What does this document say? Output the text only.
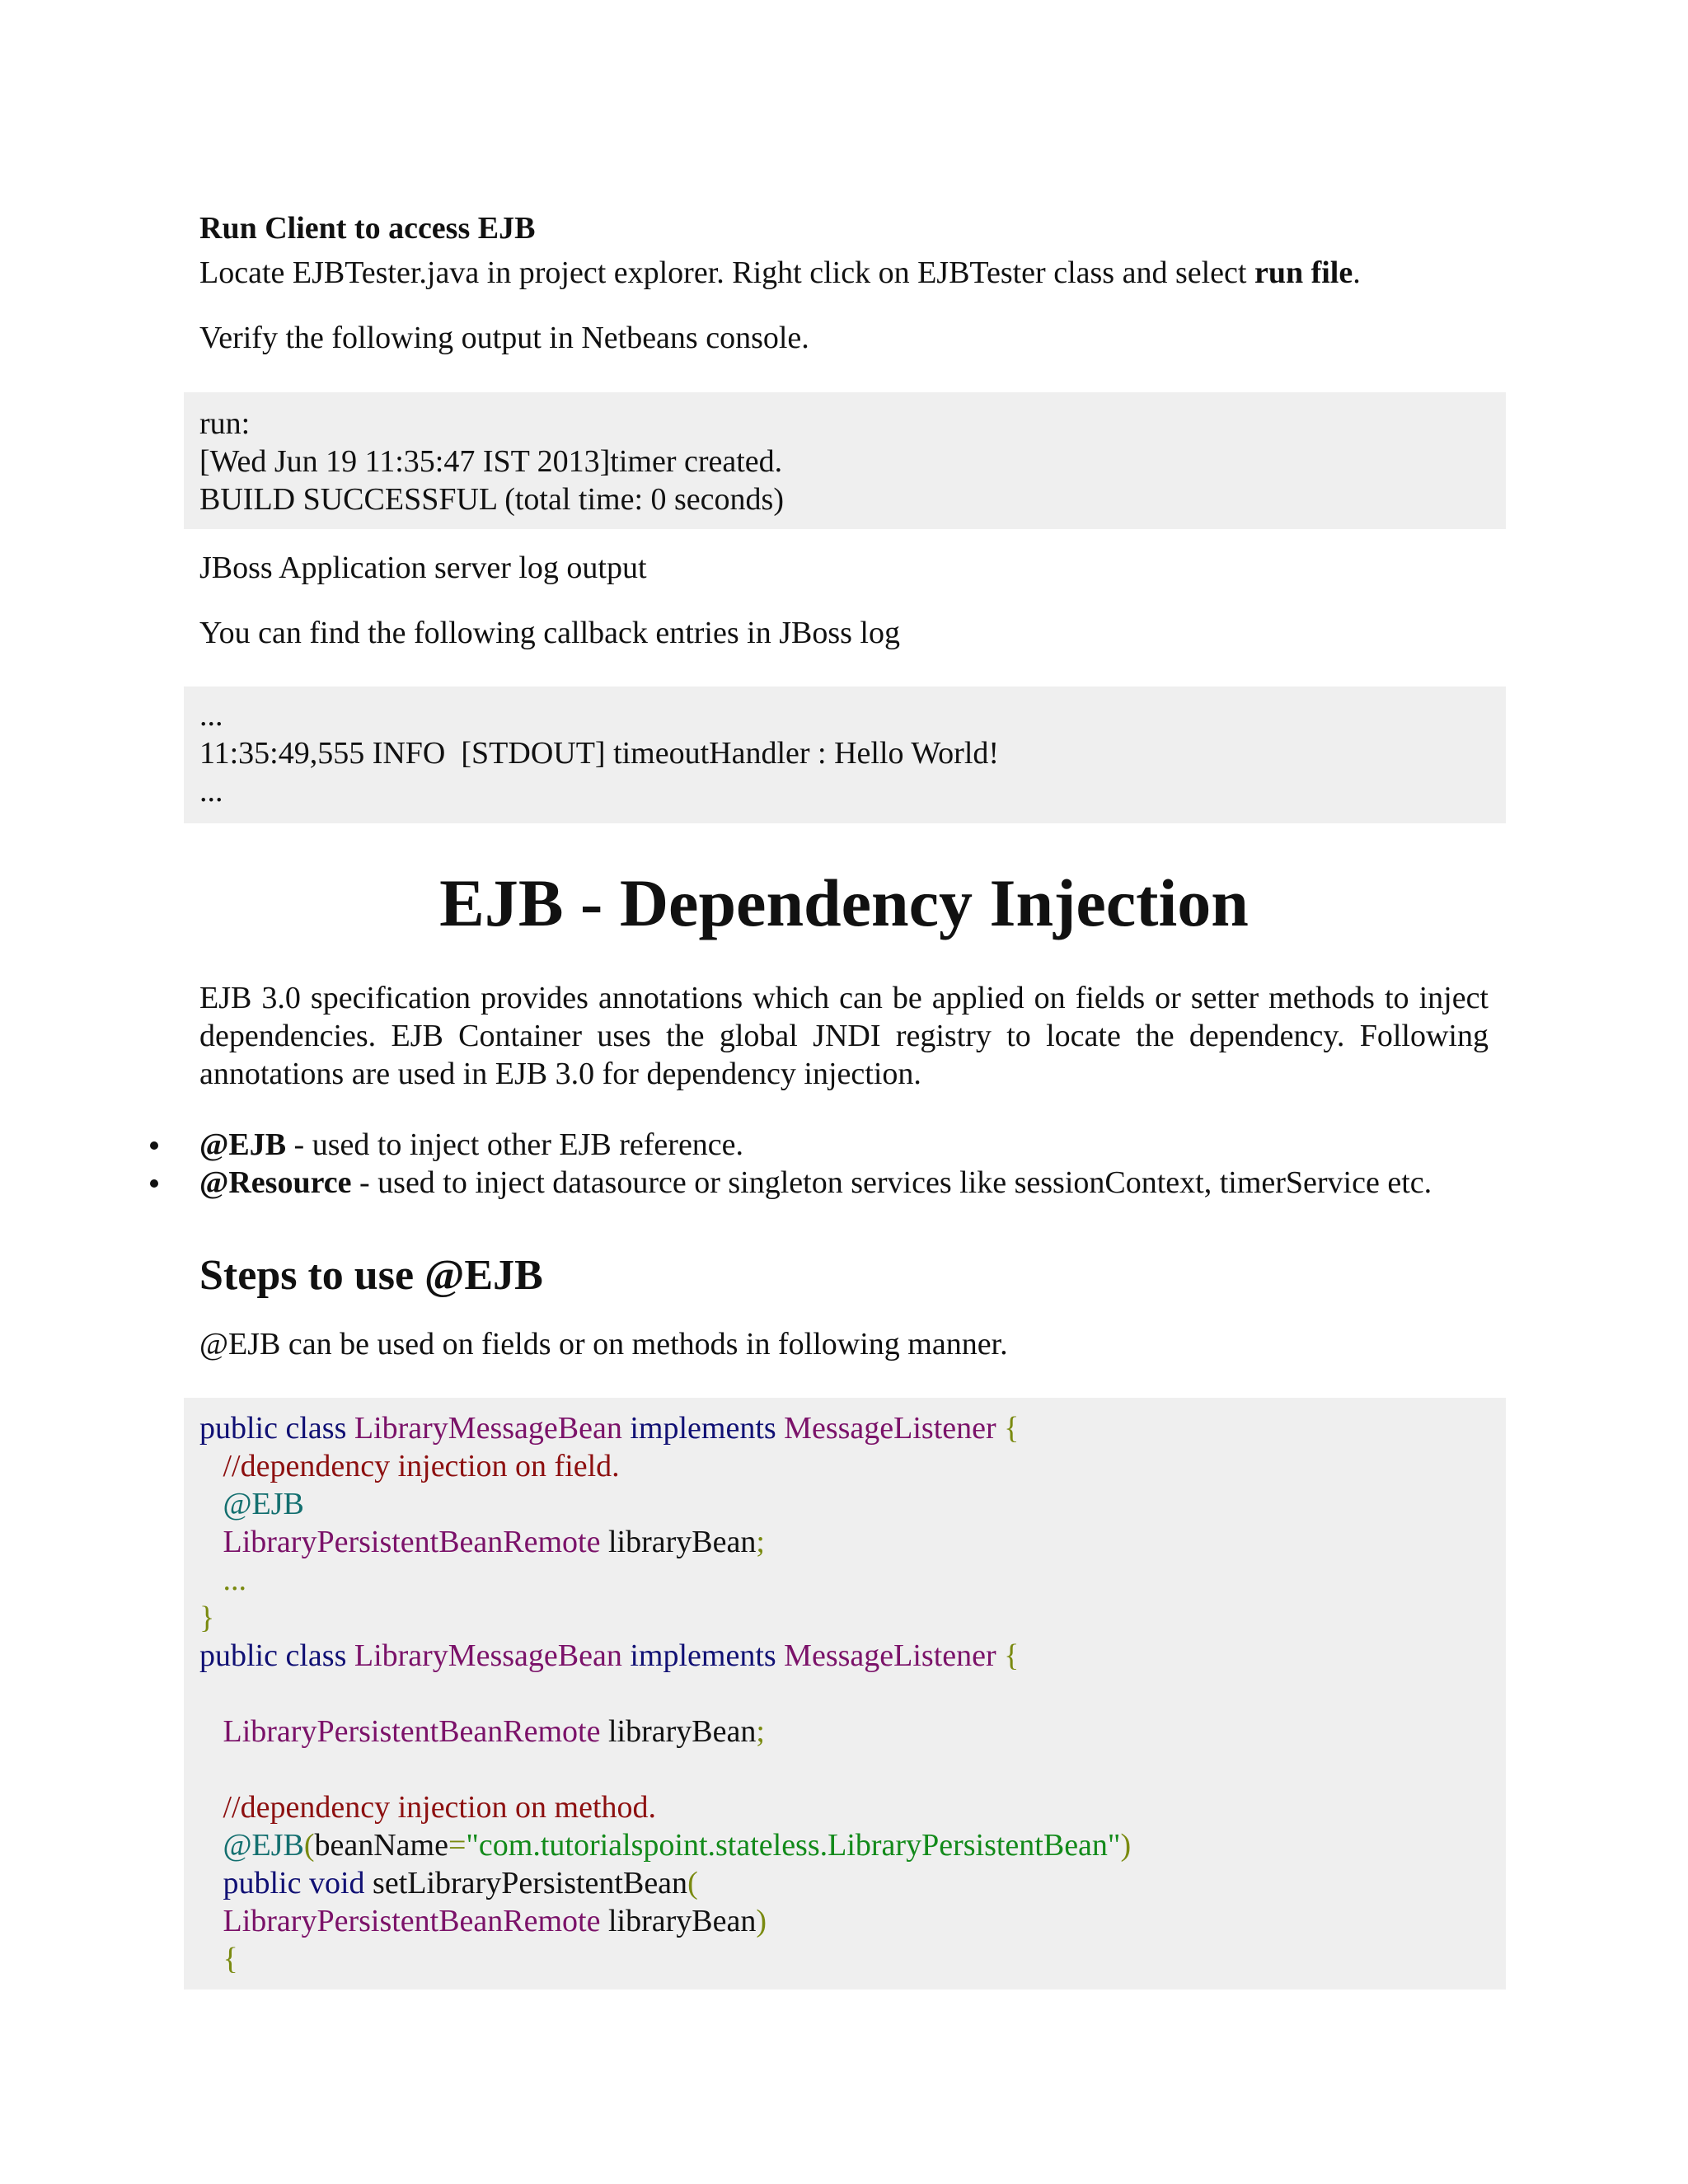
Run Client to access EJB
Locate EJBTester.java in project explorer. Right click on EJBTester class and select run file.
Verify the following output in Netbeans console.
run:
[Wed Jun 19 11:35:47 IST 2013]timer created.
BUILD SUCCESSFUL (total time: 0 seconds)
JBoss Application server log output
You can find the following callback entries in JBoss log
...
11:35:49,555 INFO  [STDOUT] timeoutHandler : Hello World!
...
EJB - Dependency Injection
EJB 3.0 specification provides annotations which can be applied on fields or setter methods to inject dependencies. EJB Container uses the global JNDI registry to locate the dependency. Following annotations are used in EJB 3.0 for dependency injection.
@EJB - used to inject other EJB reference.
@Resource - used to inject datasource or singleton services like sessionContext, timerService etc.
Steps to use @EJB
@EJB can be used on fields or on methods in following manner.
public class LibraryMessageBean implements MessageListener {
//dependency injection on field.
@EJB
LibraryPersistentBeanRemote libraryBean;
...
}
public class LibraryMessageBean implements MessageListener {

LibraryPersistentBeanRemote libraryBean;

//dependency injection on method.
@EJB(beanName="com.tutorialspoint.stateless.LibraryPersistentBean")
public void setLibraryPersistentBean(
LibraryPersistentBeanRemote libraryBean)
{
